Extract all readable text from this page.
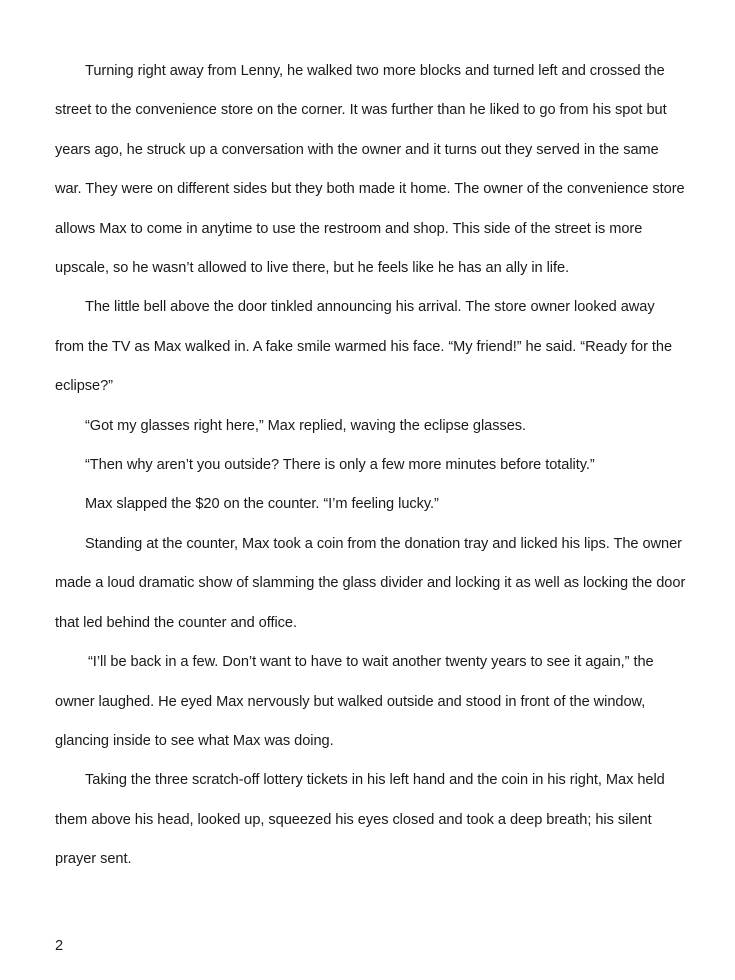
Turning right away from Lenny, he walked two more blocks and turned left and crossed the street to the convenience store on the corner. It was further than he liked to go from his spot but years ago, he struck up a conversation with the owner and it turns out they served in the same war. They were on different sides but they both made it home. The owner of the convenience store allows Max to come in anytime to use the restroom and shop. This side of the street is more upscale, so he wasn’t allowed to live there, but he feels like he has an ally in life.

The little bell above the door tinkled announcing his arrival. The store owner looked away from the TV as Max walked in. A fake smile warmed his face. “My friend!” he said. “Ready for the eclipse?”

“Got my glasses right here,” Max replied, waving the eclipse glasses.

“Then why aren’t you outside? There is only a few more minutes before totality.”

Max slapped the $20 on the counter. “I’m feeling lucky.”

Standing at the counter, Max took a coin from the donation tray and licked his lips. The owner made a loud dramatic show of slamming the glass divider and locking it as well as locking the door that led behind the counter and office.

“I’ll be back in a few. Don’t want to have to wait another twenty years to see it again,” the owner laughed. He eyed Max nervously but walked outside and stood in front of the window, glancing inside to see what Max was doing.

Taking the three scratch-off lottery tickets in his left hand and the coin in his right, Max held them above his head, looked up, squeezed his eyes closed and took a deep breath; his silent prayer sent.

2
